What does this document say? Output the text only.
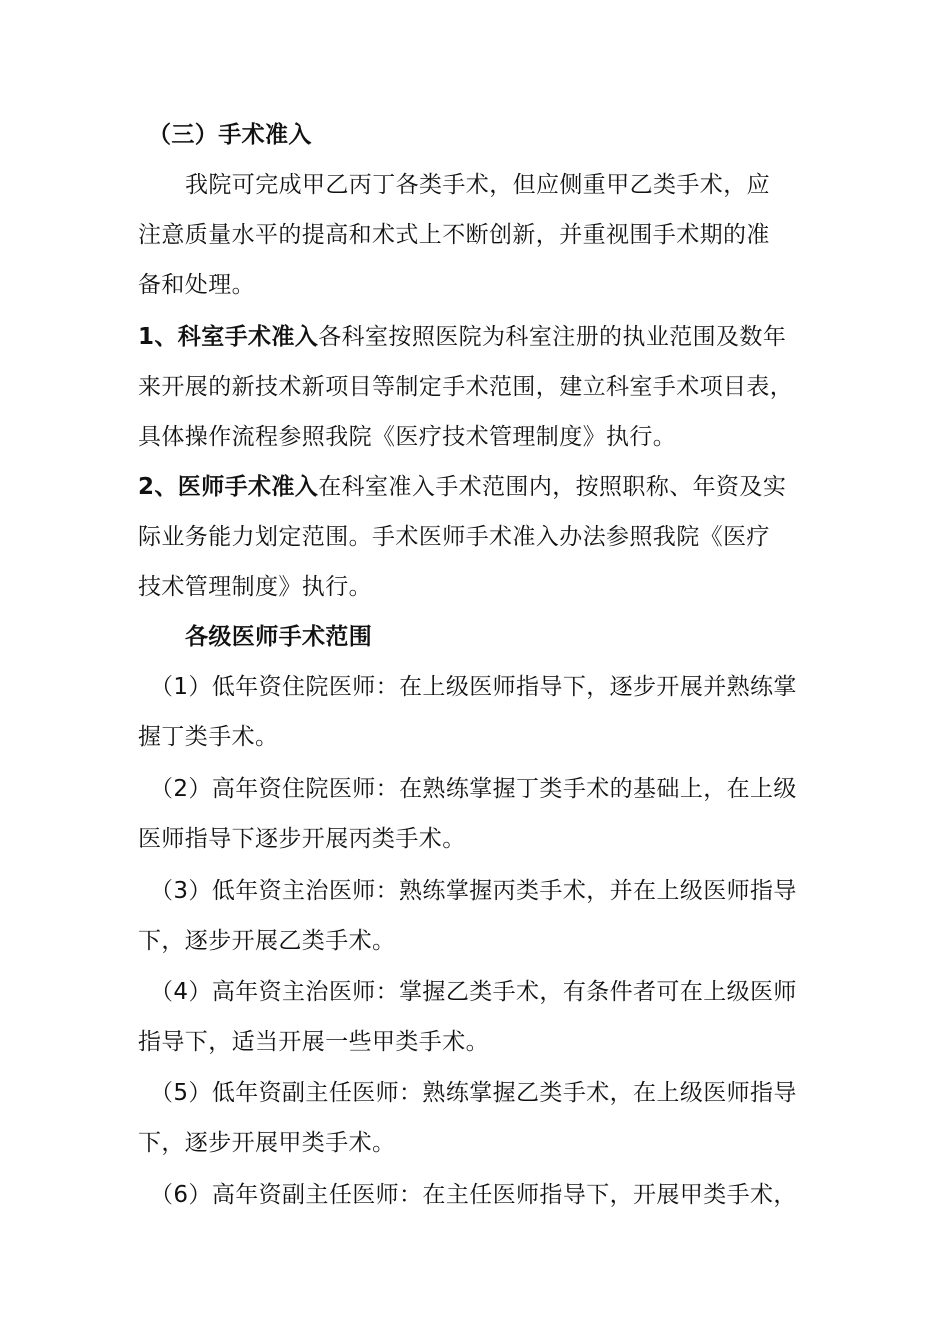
（三）手术准入
我院可完成甲乙丙丁各类手术，但应侧重甲乙类手术，应
注意质量水平的提高和术式上不断创新，并重视围手术期的准
备和处理。
1、科室手术准入各科室按照医院为科室注册的执业范围及数年
来开展的新技术新项目等制定手术范围，建立科室手术项目表，
具体操作流程参照我院《医疗技术管理制度》执行。
2、医师手术准入在科室准入手术范围内，按照职称、年资及实
际业务能力划定范围。手术医师手术准入办法参照我院《医疗
技术管理制度》执行。
各级医师手术范围
（1）低年资住院医师：在上级医师指导下，逐步开展并熟练掌
握丁类手术。
（2）高年资住院医师：在熟练掌握丁类手术的基础上，在上级
医师指导下逐步开展丙类手术。
（3）低年资主治医师：熟练掌握丙类手术，并在上级医师指导
下，逐步开展乙类手术。
（4）高年资主治医师：掌握乙类手术，有条件者可在上级医师
指导下，适当开展一些甲类手术。
（5）低年资副主任医师：熟练掌握乙类手术，在上级医师指导
下，逐步开展甲类手术。
（6）高年资副主任医师：在主任医师指导下，开展甲类手术，
